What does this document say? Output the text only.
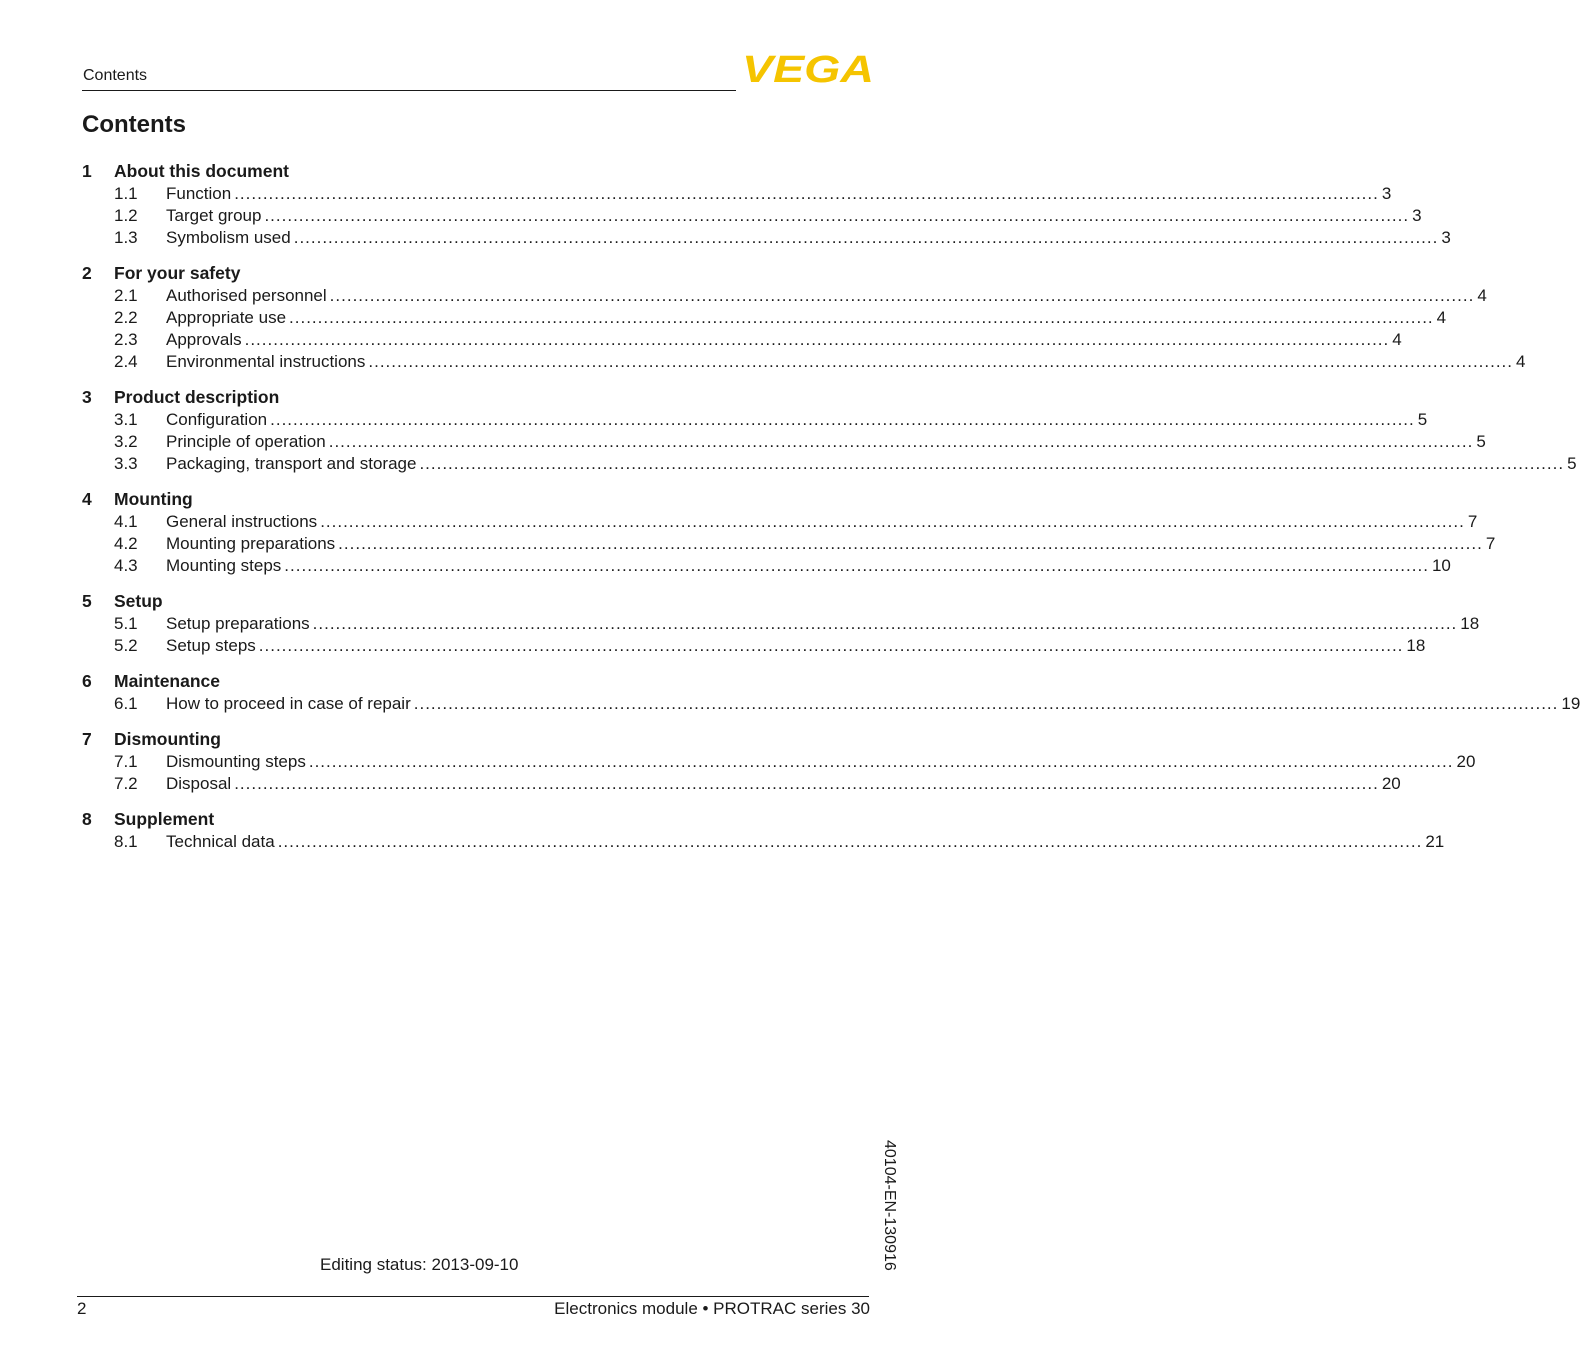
Contents	VEGA
Contents
1	About this document
1.1	Function ........................................................................................................................................................................................................ 3
1.2	Target group ........................................................................................................................................................................................................ 3
1.3	Symbolism used ........................................................................................................................................................................................................ 3
2	For your safety
2.1	Authorised personnel ........................................................................................................................................................................................................ 4
2.2	Appropriate use ........................................................................................................................................................................................................ 4
2.3	Approvals ........................................................................................................................................................................................................ 4
2.4	Environmental instructions ........................................................................................................................................................................................................ 4
3	Product description
3.1	Configuration ........................................................................................................................................................................................................ 5
3.2	Principle of operation ........................................................................................................................................................................................................ 5
3.3	Packaging, transport and storage ........................................................................................................................................................................................................ 5
4	Mounting
4.1	General instructions ........................................................................................................................................................................................................ 7
4.2	Mounting preparations ........................................................................................................................................................................................................ 7
4.3	Mounting steps ........................................................................................................................................................................................................ 10
5	Setup
5.1	Setup preparations ........................................................................................................................................................................................................ 18
5.2	Setup steps ........................................................................................................................................................................................................ 18
6	Maintenance
6.1	How to proceed in case of repair ........................................................................................................................................................................................................ 19
7	Dismounting
7.1	Dismounting steps ........................................................................................................................................................................................................ 20
7.2	Disposal ........................................................................................................................................................................................................ 20
8	Supplement
8.1	Technical data ........................................................................................................................................................................................................ 21
40104-EN-130916
Editing status: 2013-09-10
2	Electronics module • PROTRAC series 30
